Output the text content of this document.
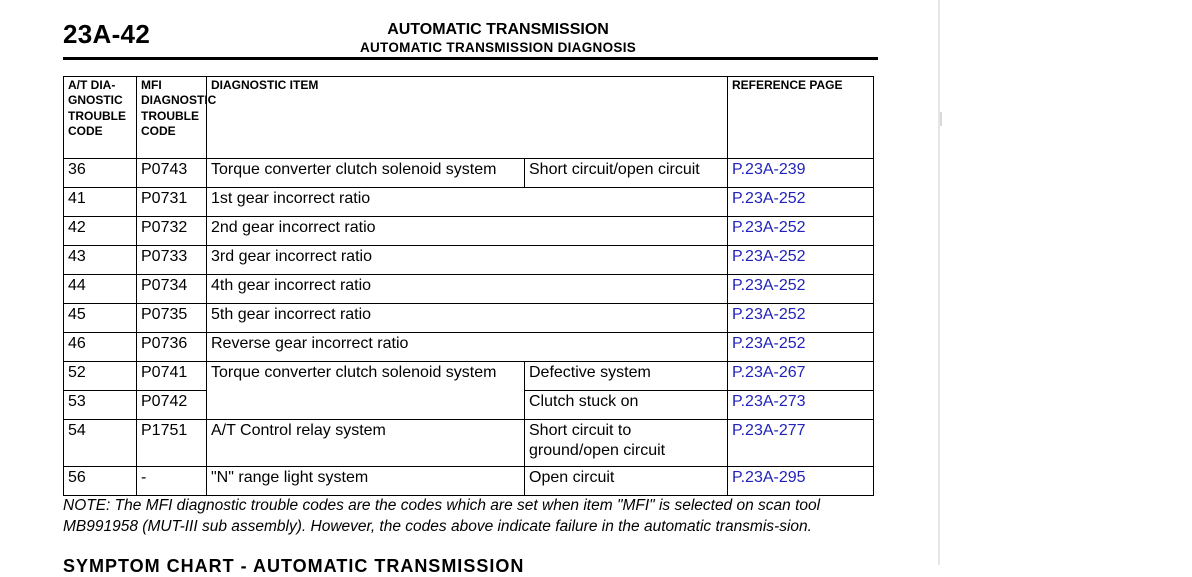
23A-42	AUTOMATIC TRANSMISSION
AUTOMATIC TRANSMISSION DIAGNOSIS
A/T DIA-GNOSTIC TROUBLE CODE	MFI DIAGNOSTIC TROUBLE CODE	DIAGNOSTIC ITEM		REFERENCE PAGE
36	P0743	Torque converter clutch solenoid system	Short circuit/open circuit	P.23A-239
41	P0731	1st gear incorrect ratio		P.23A-252
42	P0732	2nd gear incorrect ratio		P.23A-252
43	P0733	3rd gear incorrect ratio		P.23A-252
44	P0734	4th gear incorrect ratio		P.23A-252
45	P0735	5th gear incorrect ratio		P.23A-252
46	P0736	Reverse gear incorrect ratio		P.23A-252
52	P0741	Torque converter clutch solenoid system	Defective system	P.23A-267
53	P0742		Clutch stuck on	P.23A-273
54	P1751	A/T Control relay system	Short circuit to ground/open circuit	P.23A-277
56	-	"N" range light system	Open circuit	P.23A-295
NOTE: The MFI diagnostic trouble codes are the codes which are set when item "MFI" is selected on scan tool MB991958 (MUT-III sub assembly). However, the codes above indicate failure in the automatic transmis-sion.
SYMPTOM CHART - AUTOMATIC TRANSMISSION
